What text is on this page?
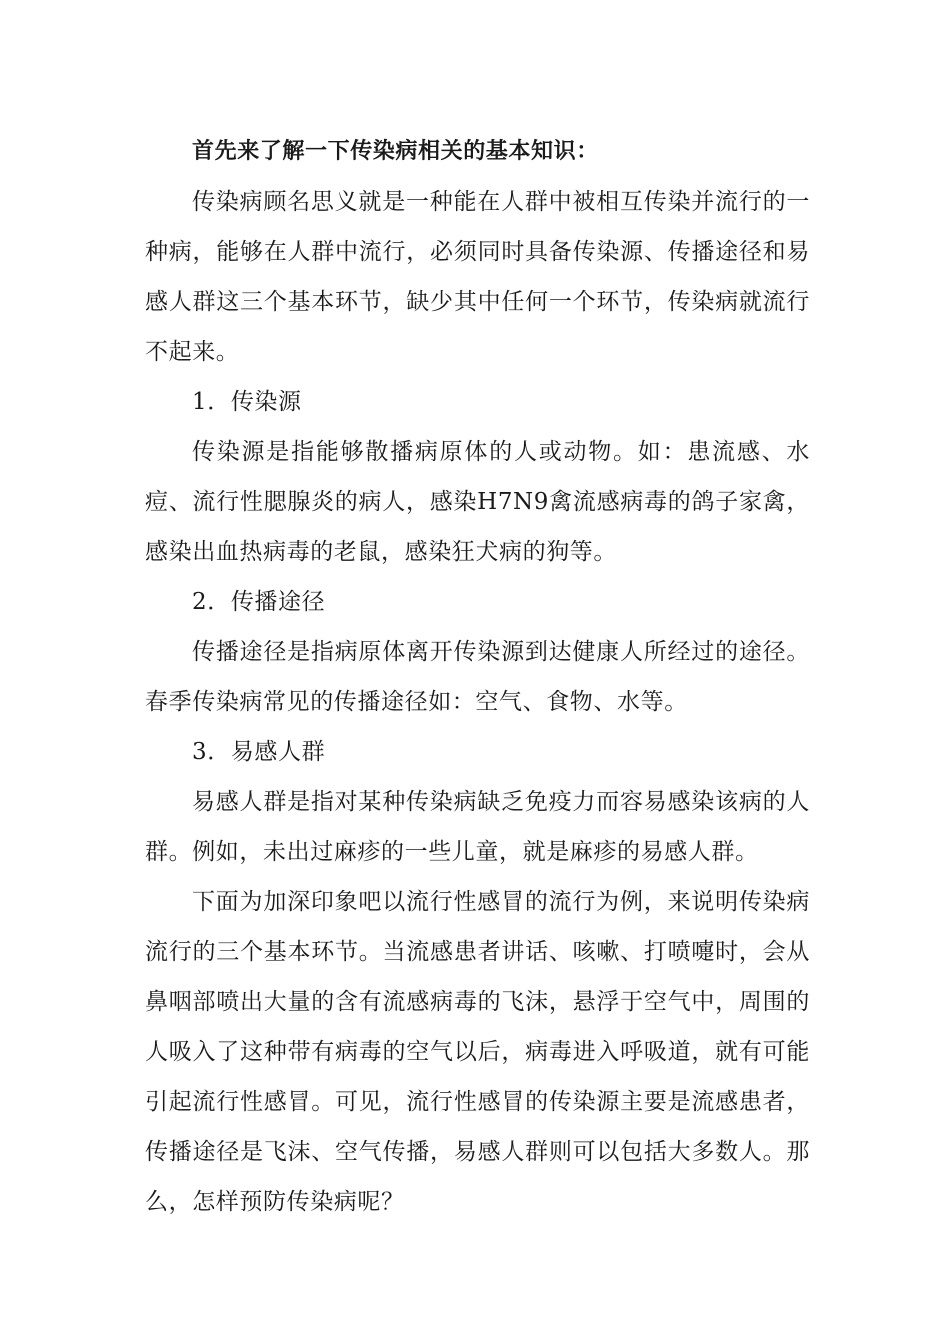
首先来了解一下传染病相关的基本知识：

传染病顾名思义就是一种能在人群中被相互传染并流行的一种病，能够在人群中流行，必须同时具备传染源、传播途径和易感人群这三个基本环节，缺少其中任何一个环节，传染病就流行不起来。

1．传染源

传染源是指能够散播病原体的人或动物。如：患流感、水痘、流行性腮腺炎的病人，感染H7N9禽流感病毒的鸽子家禽，感染出血热病毒的老鼠，感染狂犬病的狗等。

2．传播途径

传播途径是指病原体离开传染源到达健康人所经过的途径。春季传染病常见的传播途径如：空气、食物、水等。

3．易感人群

易感人群是指对某种传染病缺乏免疫力而容易感染该病的人群。例如，未出过麻疹的一些儿童，就是麻疹的易感人群。

下面为加深印象吧以流行性感冒的流行为例，来说明传染病流行的三个基本环节。当流感患者讲话、咳嗽、打喷嚏时，会从鼻咽部喷出大量的含有流感病毒的飞沫，悬浮于空气中，周围的人吸入了这种带有病毒的空气以后，病毒进入呼吸道，就有可能引起流行性感冒。可见，流行性感冒的传染源主要是流感患者，传播途径是飞沫、空气传播，易感人群则可以包括大多数人。那么，怎样预防传染病呢？
